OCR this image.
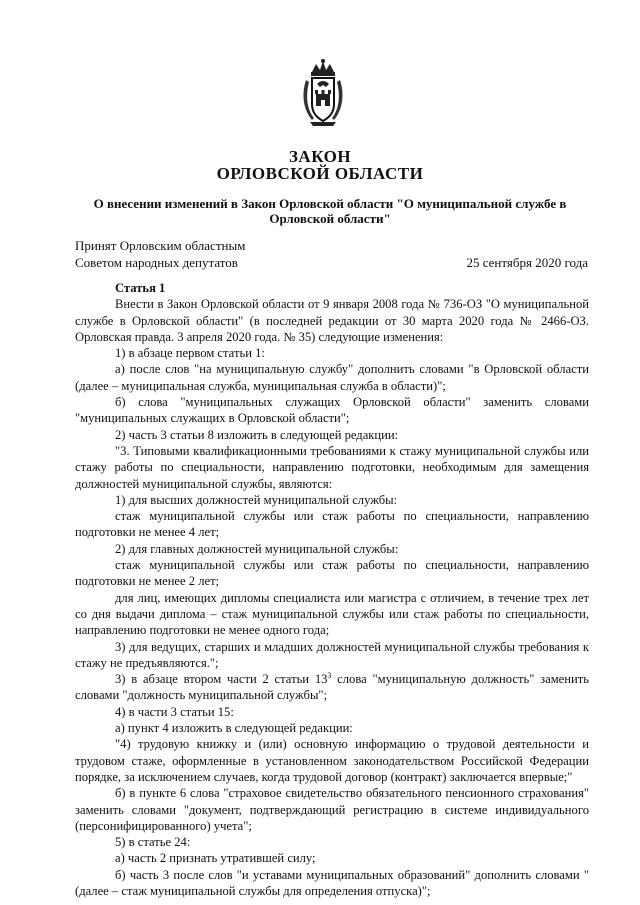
ЗАКОН
ОРЛОВСКОЙ ОБЛАСТИ
О внесении изменений в Закон Орловской области "О муниципальной службе в Орловской области"
Принят Орловским областным
Советом народных депутатов	25 сентября 2020 года

Статья 1

Внести в Закон Орловской области от 9 января 2008 года № 736-ОЗ "О муниципальной службе в Орловской области" (в последней редакции от 30 марта 2020 года № 2466-ОЗ. Орловская правда. 3 апреля 2020 года. № 35) следующие изменения:

1) в абзаце первом статьи 1:

а) после слов "на муниципальную службу" дополнить словами "в Орловской области (далее – муниципальная служба, муниципальная служба в области)";

б) слова "муниципальных служащих Орловской области" заменить словами "муниципальных служащих в Орловской области";

2) часть 3 статьи 8 изложить в следующей редакции:

"3. Типовыми квалификационными требованиями к стажу муниципальной службы или стажу работы по специальности, направлению подготовки, необходимым для замещения должностей муниципальной службы, являются:

1) для высших должностей муниципальной службы:

стаж муниципальной службы или стаж работы по специальности, направлению подготовки не менее 4 лет;

2) для главных должностей муниципальной службы:

стаж муниципальной службы или стаж работы по специальности, направлению подготовки не менее 2 лет;

для лиц, имеющих дипломы специалиста или магистра с отличием, в течение трех лет со дня выдачи диплома – стаж муниципальной службы или стаж работы по специальности, направлению подготовки не менее одного года;

3) для ведущих, старших и младших должностей муниципальной службы требования к стажу не предъявляются.";

3) в абзаце втором части 2 статьи $13^3$ слова "муниципальную должность" заменить словами "должность муниципальной службы";

4) в части 3 статьи 15:

а) пункт 4 изложить в следующей редакции:

"4) трудовую книжку и (или) основную информацию о трудовой деятельности и трудовом стаже, оформленные в установленном законодательством Российской Федерации порядке, за исключением случаев, когда трудовой договор (контракт) заключается впервые;"

б) в пункте 6 слова "страховое свидетельство обязательного пенсионного страхования" заменить словами "документ, подтверждающий регистрацию в системе индивидуального (персонифицированного) учета";

5) в статье 24:

а) часть 2 признать утратившей силу;

б) часть 3 после слов "и уставами муниципальных образований" дополнить словами "(далее – стаж муниципальной службы для определения отпуска)";
